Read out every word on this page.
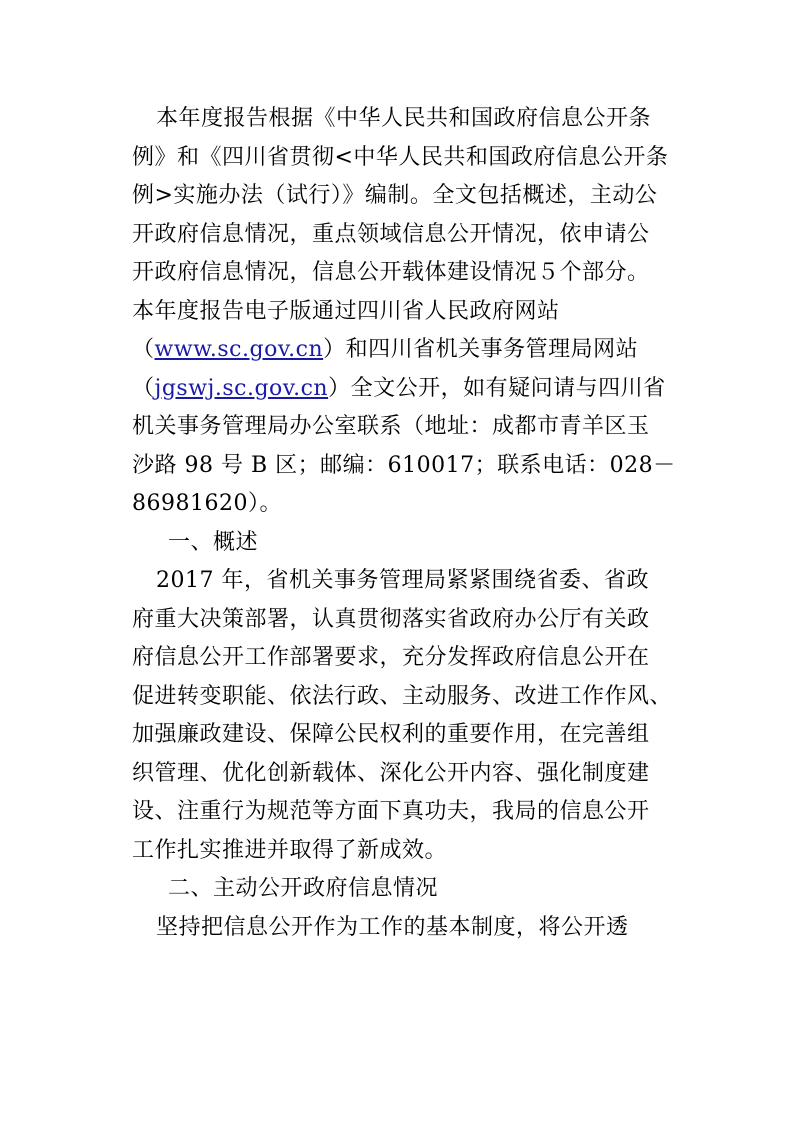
本年度报告根据《中华人民共和国政府信息公开条
例》和《四川省贯彻<中华人民共和国政府信息公开条
例>实施办法（试行）》编制。全文包括概述，主动公
开政府信息情况，重点领域信息公开情况，依申请公
开政府信息情况，信息公开载体建设情况５个部分。
本年度报告电子版通过四川省人民政府网站
（www.sc.gov.cn）和四川省机关事务管理局网站
（jgswj.sc.gov.cn）全文公开，如有疑问请与四川省
机关事务管理局办公室联系（地址：成都市青羊区玉
沙路 98 号 B 区；邮编：610017；联系电话：028－
86981620）。
一、概述
2017 年，省机关事务管理局紧紧围绕省委、省政
府重大决策部署，认真贯彻落实省政府办公厅有关政
府信息公开工作部署要求，充分发挥政府信息公开在
促进转变职能、依法行政、主动服务、改进工作作风、
加强廉政建设、保障公民权利的重要作用，在完善组
织管理、优化创新载体、深化公开内容、强化制度建
设、注重行为规范等方面下真功夫，我局的信息公开
工作扎实推进并取得了新成效。
二、主动公开政府信息情况
坚持把信息公开作为工作的基本制度，将公开透
